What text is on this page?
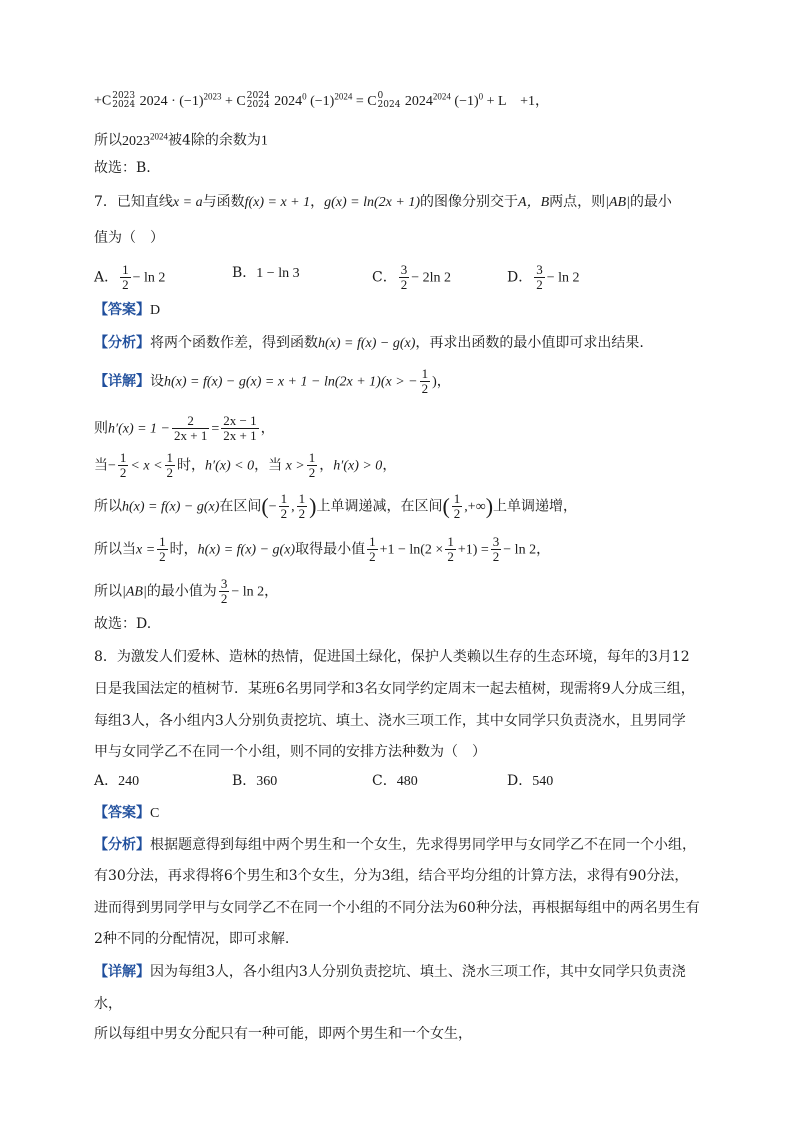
+C 2023
2024 $2024 \cdot (-1)^{2023} + C$ 2024
2024 2024$^0$ $(-1)^{2024} = C$ 0
2024 $2024^{2024}$ $(-1)^0 + L$　+1，
所以$2023^{2024}$被4除的余数为1
故选：B.
7．已知直线x = a与函数f(x) = x + 1，g(x) = ln(2x + 1)的图像分别交于A，B两点，则|AB|的最小
值为（　）
A． $\frac{1}{2} - \ln 2$	B．1 − ln 3	C． $\frac{3}{2} - 2\ln$ 2	D． $\frac{3}{2} - \ln 2$
【答案】D
【分析】将两个函数作差，得到函数h(x) = f(x) − g(x)，再求出函数的最小值即可求出结果.
【详解】设h(x) = f(x) − g(x) = x + 1 − ln(2x + 1)(x > − $\frac{1}{2}$ )，
则$h'(x) = 1 - \frac{2}{2x + 1} = \frac{2x - 1}{2x + 1}$ ，
当− $\frac{1}{2} < x < \frac{1}{2}$ 时，h′(x) < 0，当 $x > \frac{1}{2}$ ，h′(x) > 0，
所以h(x) = f(x) − g(x)在区间(− $\frac{1}{2}$ , $\frac{1}{2}$ )上单调递减，在区间( $\frac{1}{2}$ ,+∞)上单调递增，
所以当$x = \frac{1}{2}$ 时，h(x) = f(x) − g(x)取得最小值 $\frac{1}{2} +1 - \ln(2 \times \frac{1}{2} +1) = \frac{3}{2} - \ln 2$，
所以|AB|的最小值为 $\frac{3}{2} - \ln 2$，
故选：D.
8．为激发人们爱林、造林的热情，促进国土绿化，保护人类赖以生存的生态环境，每年的3月12
日是我国法定的植树节．某班6名男同学和3名女同学约定周末一起去植树，现需将9人分成三组，
每组3人，各小组内3人分别负责挖坑、填土、浇水三项工作，其中女同学只负责浇水，且男同学
甲与女同学乙不在同一个小组，则不同的安排方法种数为（　）
A．240	B．360	C．480	D．540
【答案】C
【分析】根据题意得到每组中两个男生和一个女生，先求得男同学甲与女同学乙不在同一个小组，
有30分法，再求得将6个男生和3个女生，分为3组，结合平均分组的计算方法，求得有90分法，
进而得到男同学甲与女同学乙不在同一个小组的不同分法为60种分法，再根据每组中的两名男生有
2种不同的分配情况，即可求解.
【详解】因为每组3人，各小组内3人分别负责挖坑、填土、浇水三项工作，其中女同学只负责浇
水，
所以每组中男女分配只有一种可能，即两个男生和一个女生，
